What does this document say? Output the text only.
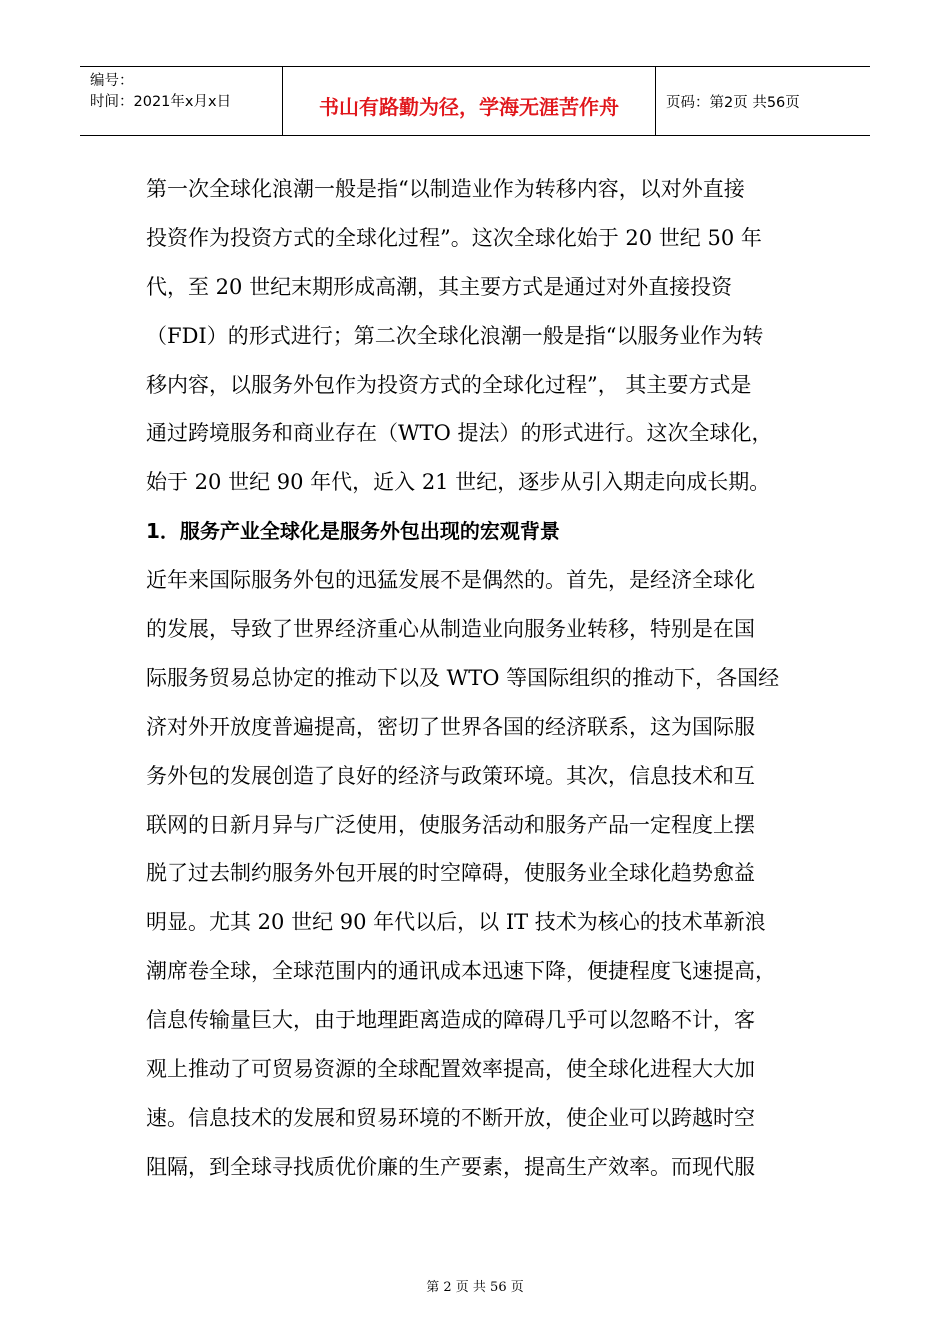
编号：
时间：2021年x月x日	书山有路勤为径，学海无涯苦作舟	页码：第2页 共56页
第一次全球化浪潮一般是指“以制造业作为转移内容，以对外直接
投资作为投资方式的全球化过程”。这次全球化始于 20 世纪 50 年
代，至 20 世纪末期形成高潮，其主要方式是通过对外直接投资
（FDI）的形式进行；第二次全球化浪潮一般是指“以服务业作为转
移内容，以服务外包作为投资方式的全球化过程”， 其主要方式是
通过跨境服务和商业存在（WTO 提法）的形式进行。这次全球化，
始于 20 世纪 90 年代，近入 21 世纪，逐步从引入期走向成长期。
1．服务产业全球化是服务外包出现的宏观背景
近年来国际服务外包的迅猛发展不是偶然的。首先，是经济全球化
的发展，导致了世界经济重心从制造业向服务业转移，特别是在国
际服务贸易总协定的推动下以及 WTO 等国际组织的推动下，各国经
济对外开放度普遍提高，密切了世界各国的经济联系，这为国际服
务外包的发展创造了良好的经济与政策环境。其次，信息技术和互
联网的日新月异与广泛使用，使服务活动和服务产品一定程度上摆
脱了过去制约服务外包开展的时空障碍，使服务业全球化趋势愈益
明显。尤其 20 世纪 90 年代以后，以 IT 技术为核心的技术革新浪
潮席卷全球，全球范围内的通讯成本迅速下降，便捷程度飞速提高，
信息传输量巨大，由于地理距离造成的障碍几乎可以忽略不计，客
观上推动了可贸易资源的全球配置效率提高，使全球化进程大大加
速。信息技术的发展和贸易环境的不断开放，使企业可以跨越时空
阻隔，到全球寻找质优价廉的生产要素，提高生产效率。而现代服
第 2 页 共 56 页
